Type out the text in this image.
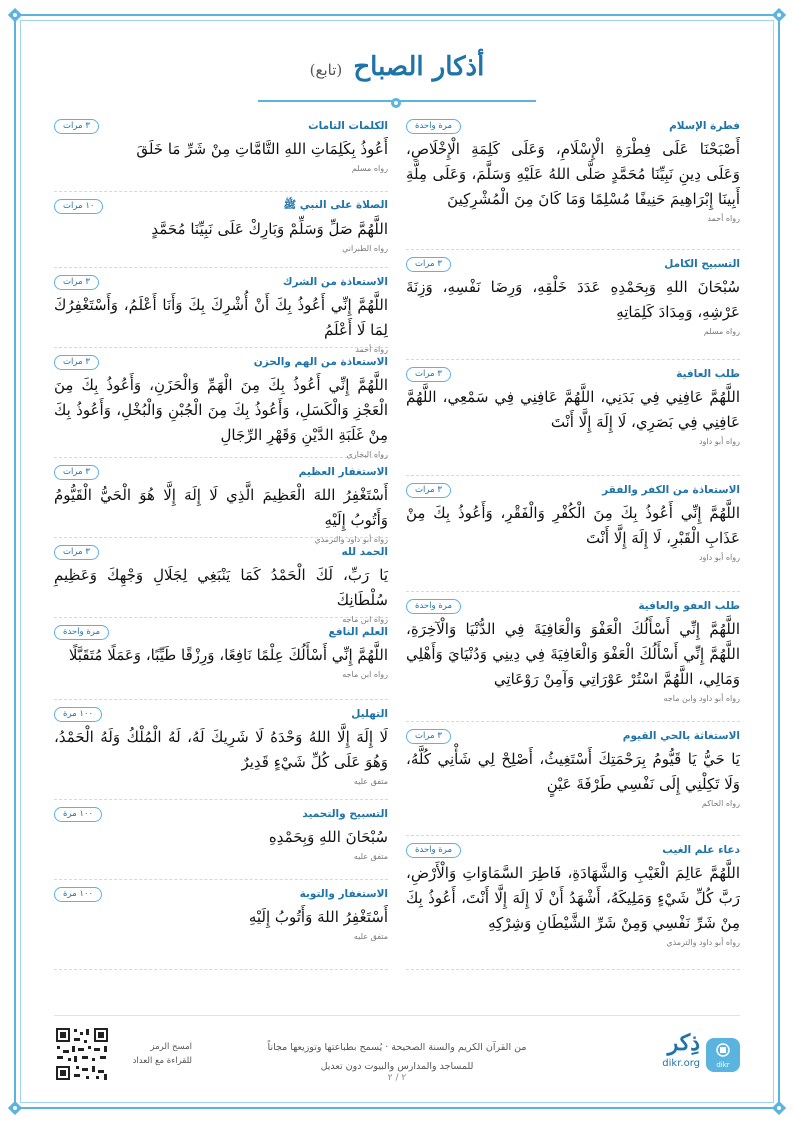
أذكار الصباح (تابع)
فطرة الإسلام
مرة واحدة
أَصْبَحْنَا عَلَى فِطْرَةِ الْإِسْلَامِ، وَعَلَى كَلِمَةِ الْإِخْلَاصِ، وَعَلَى دِينِ نَبِيِّنَا مُحَمَّدٍ صَلَّى اللهُ عَلَيْهِ وَسَلَّمَ، وَعَلَى مِلَّةِ أَبِينَا إِبْرَاهِيمَ حَنِيفًا مُسْلِمًا وَمَا كَانَ مِنَ الْمُشْرِكِينَ
رواه أحمد
التسبيح الكامل
٣ مرات
سُبْحَانَ اللهِ وَبِحَمْدِهِ عَدَدَ خَلْقِهِ، وَرِضَا نَفْسِهِ، وَزِنَةَ عَرْشِهِ، وَمِدَادَ كَلِمَاتِهِ
رواه مسلم
طلب العافية
٣ مرات
اللَّهُمَّ عَافِنِي فِي بَدَنِي، اللَّهُمَّ عَافِنِي فِي سَمْعِي، اللَّهُمَّ عَافِنِي فِي بَصَرِي، لَا إِلَهَ إِلَّا أَنْتَ
رواه أبو داود
الاستعاذة من الكفر والفقر
٣ مرات
اللَّهُمَّ إِنِّي أَعُوذُ بِكَ مِنَ الْكُفْرِ وَالْفَقْرِ، وَأَعُوذُ بِكَ مِنْ عَذَابِ الْقَبْرِ، لَا إِلَهَ إِلَّا أَنْتَ
رواه أبو داود
طلب العفو والعافية
مرة واحدة
اللَّهُمَّ إِنِّي أَسْأَلُكَ الْعَفْوَ وَالْعَافِيَةَ فِي الدُّنْيَا وَالْآخِرَةِ، اللَّهُمَّ إِنِّي أَسْأَلُكَ الْعَفْوَ وَالْعَافِيَةَ فِي دِينِي وَدُنْيَايَ وَأَهْلِي وَمَالِي، اللَّهُمَّ اسْتُرْ عَوْرَاتِي وَآمِنْ رَوْعَاتِي
رواه أبو داود وابن ماجه
الاستغاثة بالحي القيوم
٣ مرات
يَا حَيُّ يَا قَيُّومُ بِرَحْمَتِكَ أَسْتَغِيثُ، أَصْلِحْ لِي شَأْنِي كُلَّهُ، وَلَا تَكِلْنِي إِلَى نَفْسِي طَرْفَةَ عَيْنٍ
رواه الحاكم
دعاء علم الغيب
مرة واحدة
اللَّهُمَّ عَالِمَ الْغَيْبِ وَالشَّهَادَةِ، فَاطِرَ السَّمَاوَاتِ وَالْأَرْضِ، رَبَّ كُلِّ شَيْءٍ وَمَلِيكَهُ، أَشْهَدُ أَنْ لَا إِلَهَ إِلَّا أَنْتَ، أَعُوذُ بِكَ مِنْ شَرِّ نَفْسِي وَمِنْ شَرِّ الشَّيْطَانِ وَشِرْكِهِ
رواه أبو داود والترمذي
الكلمات التامات
٣ مرات
أَعُوذُ بِكَلِمَاتِ اللهِ التَّامَّاتِ مِنْ شَرِّ مَا خَلَقَ
رواه مسلم
الصلاة على النبي ﷺ
١٠ مرات
اللَّهُمَّ صَلِّ وَسَلِّمْ وَبَارِكْ عَلَى نَبِيِّنَا مُحَمَّدٍ
رواه الطبراني
الاستعاذة من الشرك
٣ مرات
اللَّهُمَّ إِنِّي أَعُوذُ بِكَ أَنْ أُشْرِكَ بِكَ وَأَنَا أَعْلَمُ، وَأَسْتَغْفِرُكَ لِمَا لَا أَعْلَمُ
رواه أحمد
الاستعاذة من الهم والحزن
٣ مرات
اللَّهُمَّ إِنِّي أَعُوذُ بِكَ مِنَ الْهَمِّ وَالْحَزَنِ، وَأَعُوذُ بِكَ مِنَ الْعَجْزِ وَالْكَسَلِ، وَأَعُوذُ بِكَ مِنَ الْجُبْنِ وَالْبُخْلِ، وَأَعُوذُ بِكَ مِنْ غَلَبَةِ الدَّيْنِ وَقَهْرِ الرِّجَالِ
رواه البخاري
الاستغفار العظيم
٣ مرات
أَسْتَغْفِرُ اللهَ الْعَظِيمَ الَّذِي لَا إِلَهَ إِلَّا هُوَ الْحَيُّ الْقَيُّومُ وَأَتُوبُ إِلَيْهِ
رواه أبو داود والترمذي
الحمد لله
٣ مرات
يَا رَبِّ، لَكَ الْحَمْدُ كَمَا يَنْبَغِي لِجَلَالِ وَجْهِكَ وَعَظِيمِ سُلْطَانِكَ
رواه ابن ماجه
العلم النافع
مرة واحدة
اللَّهُمَّ إِنِّي أَسْأَلُكَ عِلْمًا نَافِعًا، وَرِزْقًا طَيِّبًا، وَعَمَلًا مُتَقَبَّلًا
رواه ابن ماجه
التهليل
١٠٠ مرة
لَا إِلَهَ إِلَّا اللهُ وَحْدَهُ لَا شَرِيكَ لَهُ، لَهُ الْمُلْكُ وَلَهُ الْحَمْدُ، وَهُوَ عَلَى كُلِّ شَيْءٍ قَدِيرٌ
متفق عليه
التسبيح والتحميد
١٠٠ مرة
سُبْحَانَ اللهِ وَبِحَمْدِهِ
متفق عليه
الاستغفار والتوبة
١٠٠ مرة
أَسْتَغْفِرُ اللهَ وَأَتُوبُ إِلَيْهِ
متفق عليه
dikr
ذِكر
dikr.org
من القرآن الكريم والسنة الصحيحة · يُسمح بطباعتها وتوزيعها مجاناً
للمساجد والمدارس والبيوت دون تعديل
امسح الرمز
للقراءة مع العداد
٢ / ٢
